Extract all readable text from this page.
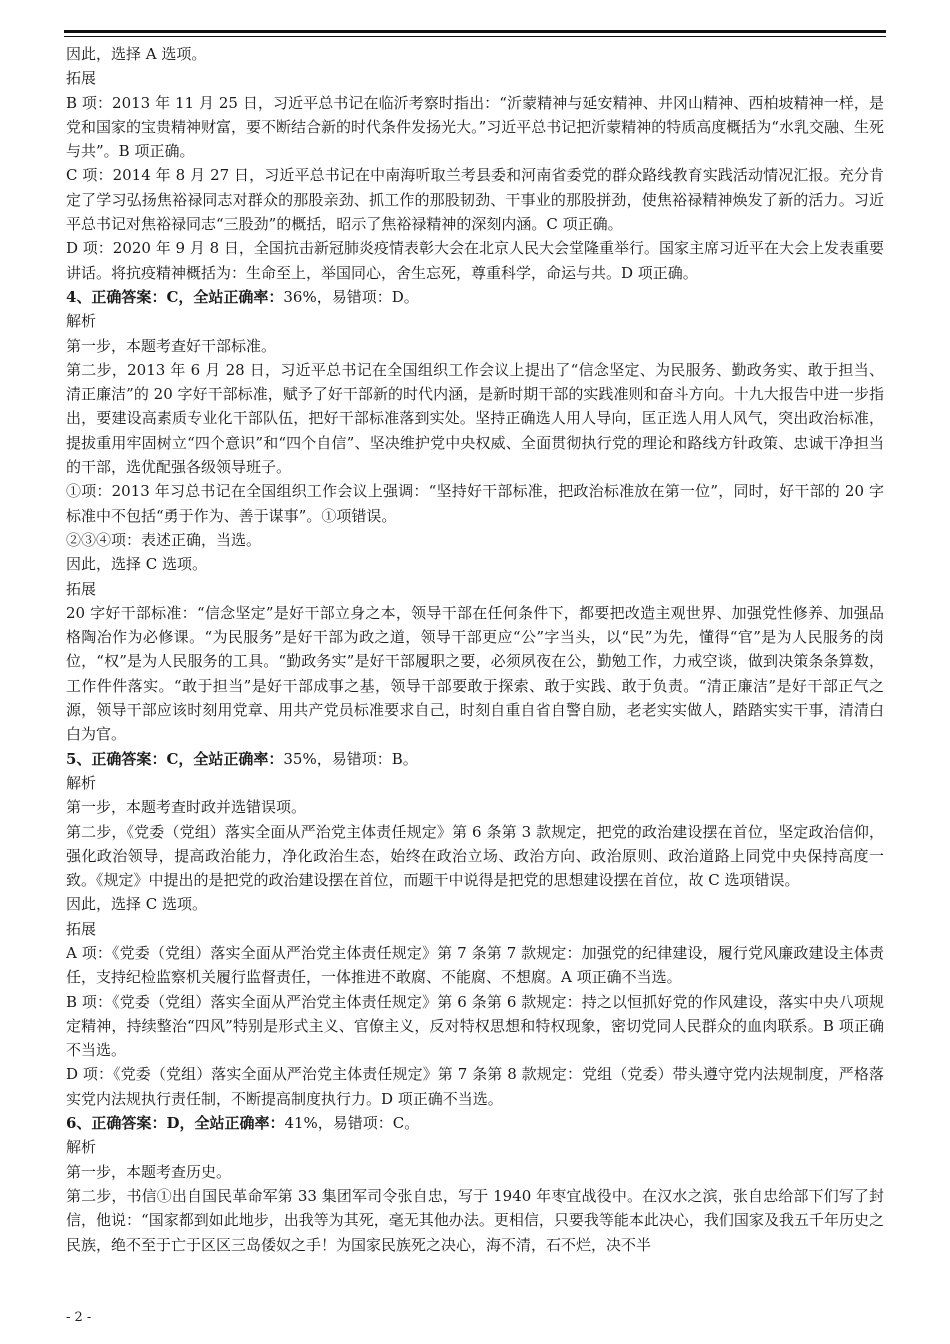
因此，选择 A 选项。

拓展

B 项：2013 年 11 月 25 日，习近平总书记在临沂考察时指出：“沂蒙精神与延安精神、井冈山精神、西柏坡精神一样，是党和国家的宝贵精神财富，要不断结合新的时代条件发扬光大。”习近平总书记把沂蒙精神的特质高度概括为“水乳交融、生死与共”。B 项正确。

C 项：2014 年 8 月 27 日，习近平总书记在中南海听取兰考县委和河南省委党的群众路线教育实践活动情况汇报。充分肯定了学习弘扬焦裕禄同志对群众的那股亲劲、抓工作的那股韧劲、干事业的那股拼劲，使焦裕禄精神焕发了新的活力。习近平总书记对焦裕禄同志“三股劲”的概括，昭示了焦裕禄精神的深刻内涵。C 项正确。

D 项：2020 年 9 月 8 日，全国抗击新冠肺炎疫情表彰大会在北京人民大会堂隆重举行。国家主席习近平在大会上发表重要讲话。将抗疫精神概括为：生命至上，举国同心，舍生忘死，尊重科学，命运与共。D 项正确。

4、正确答案：C，全站正确率：36%，易错项：D。

解析

第一步，本题考查好干部标准。

第二步，2013 年 6 月 28 日，习近平总书记在全国组织工作会议上提出了“信念坚定、为民服务、勤政务实、敢于担当、清正廉洁”的 20 字好干部标准，赋予了好干部新的时代内涵，是新时期干部的实践准则和奋斗方向。十九大报告中进一步指出，要建设高素质专业化干部队伍，把好干部标准落到实处。坚持正确选人用人导向，匡正选人用人风气，突出政治标准，提拔重用牢固树立“四个意识”和“四个自信”、坚决维护党中央权威、全面贯彻执行党的理论和路线方针政策、忠诚干净担当的干部，选优配强各级领导班子。

①项：2013 年习总书记在全国组织工作会议上强调：“坚持好干部标准，把政治标准放在第一位”，同时，好干部的 20 字标准中不包括“勇于作为、善于谋事”。①项错误。

②③④项：表述正确，当选。

因此，选择 C 选项。

拓展

20 字好干部标准：“信念坚定”是好干部立身之本，领导干部在任何条件下，都要把改造主观世界、加强党性修养、加强品格陶冶作为必修课。“为民服务”是好干部为政之道，领导干部更应“公”字当头，以“民”为先，懂得“官”是为人民服务的岗位，“权”是为人民服务的工具。“勤政务实”是好干部履职之要，必须夙夜在公，勤勉工作，力戒空谈，做到决策条条算数，工作件件落实。“敢于担当”是好干部成事之基，领导干部要敢于探索、敢于实践、敢于负责。“清正廉洁”是好干部正气之源，领导干部应该时刻用党章、用共产党员标准要求自己，时刻自重自省自警自励，老老实实做人，踏踏实实干事，清清白白为官。

5、正确答案：C，全站正确率：35%，易错项：B。

解析

第一步，本题考查时政并选错误项。

第二步，《党委（党组）落实全面从严治党主体责任规定》第 6 条第 3 款规定，把党的政治建设摆在首位，坚定政治信仰，强化政治领导，提高政治能力，净化政治生态，始终在政治立场、政治方向、政治原则、政治道路上同党中央保持高度一致。《规定》中提出的是把党的政治建设摆在首位，而题干中说得是把党的思想建设摆在首位，故 C 选项错误。

因此，选择 C 选项。

拓展

A 项：《党委（党组）落实全面从严治党主体责任规定》第 7 条第 7 款规定：加强党的纪律建设，履行党风廉政建设主体责任，支持纪检监察机关履行监督责任，一体推进不敢腐、不能腐、不想腐。A 项正确不当选。

B 项：《党委（党组）落实全面从严治党主体责任规定》第 6 条第 6 款规定：持之以恒抓好党的作风建设，落实中央八项规定精神，持续整治“四风”特别是形式主义、官僚主义，反对特权思想和特权现象，密切党同人民群众的血肉联系。B 项正确不当选。

D 项：《党委（党组）落实全面从严治党主体责任规定》第 7 条第 8 款规定：党组（党委）带头遵守党内法规制度，严格落实党内法规执行责任制，不断提高制度执行力。D 项正确不当选。

6、正确答案：D，全站正确率：41%，易错项：C。

解析

第一步，本题考查历史。

第二步，书信①出自国民革命军第 33 集团军司令张自忠，写于 1940 年枣宜战役中。在汉水之滨，张自忠给部下们写了封信，他说：“国家都到如此地步，出我等为其死，毫无其他办法。更相信，只要我等能本此决心，我们国家及我五千年历史之民族，绝不至于亡于区区三岛倭奴之手！为国家民族死之决心，海不清，石不烂，决不半

- 2 -
